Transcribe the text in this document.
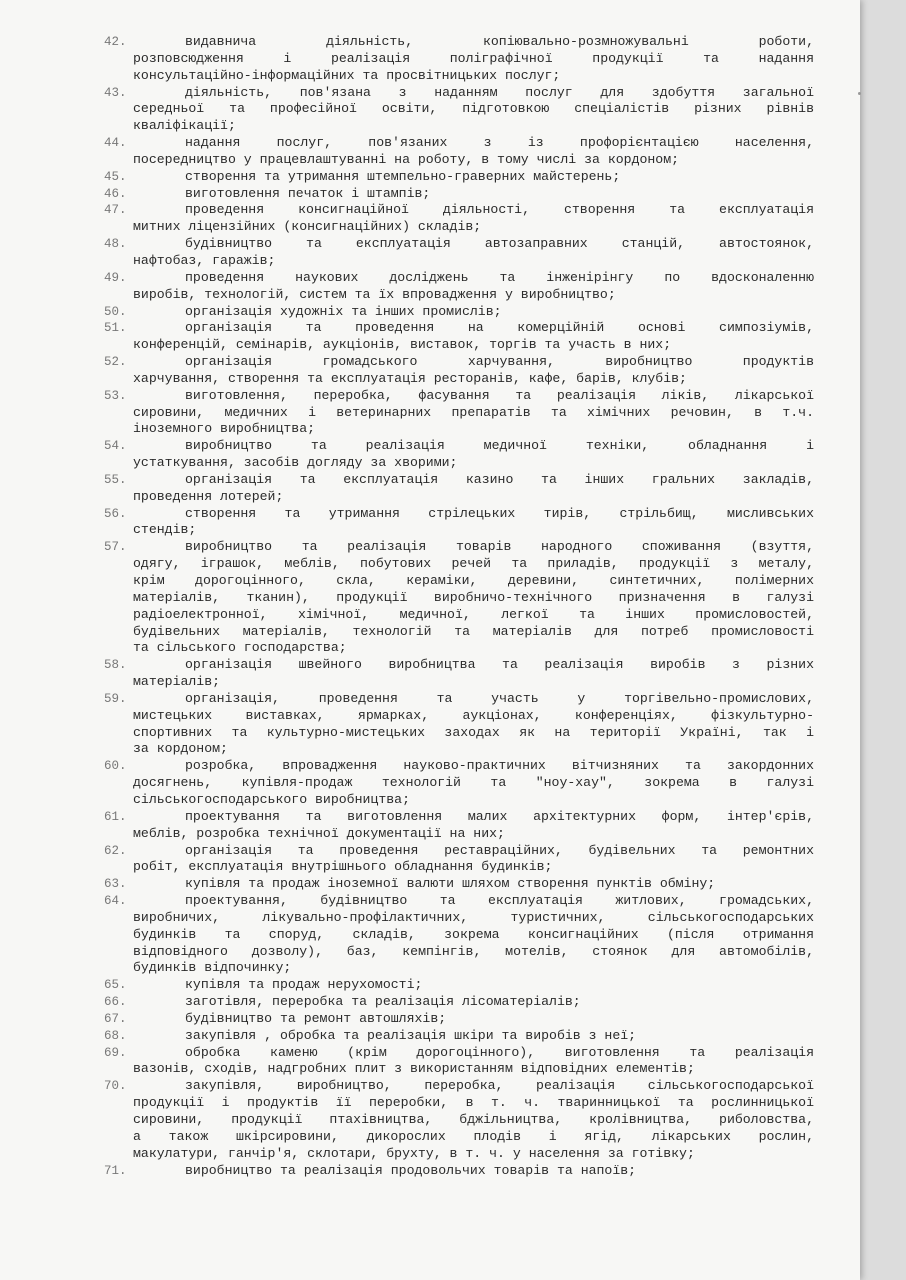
42.	видавнича діяльність, копіювально-розмножувальні роботи,
розповсюдження і реалізація поліграфічної продукції та надання
консультаційно-інформаційних та просвітницьких послуг;
43.	діяльність, пов'язана з наданням послуг для здобуття загальної
середньої та професійної освіти, підготовкою спеціалістів різних рівнів
кваліфікації;
44.	надання послуг, пов'язаних з із профорієнтацією населення,
посередництво у працевлаштуванні на роботу, в тому числі за кордоном;
45.	створення та утримання штемпельно-граверних майстерень;
46.	виготовлення печаток і штампів;
47.	проведення консигнаційної діяльності, створення та експлуатація
митних ліцензійних (консигнаційних) складів;
48.	будівництво та експлуатація автозаправних станцій, автостоянок,
нафтобаз, гаражів;
49.	проведення наукових досліджень та інженірінгу по вдосконаленню
виробів, технологій, систем та їх впровадження у виробництво;
50.	організація художніх та інших промислів;
51.	організація та проведення на комерційній основі симпозіумів,
конференцій, семінарів, аукціонів, виставок, торгів та участь в них;
52.	організація громадського харчування, виробництво продуктів
харчування, створення та експлуатація ресторанів, кафе, барів, клубів;
53.	виготовлення, переробка, фасування та реалізація ліків, лікарської
сировини, медичних і ветеринарних препаратів та хімічних речовин, в т.ч.
іноземного виробництва;
54.	виробництво та реалізація медичної техніки, обладнання і
устаткування, засобів догляду за хворими;
55.	організація та експлуатація казино та інших гральних закладів,
проведення лотерей;
56.	створення та утримання стрілецьких тирів, стрільбищ, мисливських
стендів;
57.	виробництво та реалізація товарів народного споживання (взуття,
одягу, іграшок, меблів, побутових речей та приладів, продукції з металу,
крім дорогоцінного, скла, кераміки, деревини, синтетичних, полімерних
матеріалів, тканин), продукції виробничо-технічного призначення в галузі
радіоелектронної, хімічної, медичної, легкої та інших промисловостей,
будівельних матеріалів, технологій та матеріалів для потреб промисловості
та сільського господарства;
58.	організація швейного виробництва та реалізація виробів з різних
матеріалів;
59.	організація, проведення та участь у торгівельно-промислових,
мистецьких виставках, ярмарках, аукціонах, конференціях, фізкультурно-
спортивних та культурно-мистецьких заходах як на території Україні, так і
за кордоном;
60.	розробка, впровадження науково-практичних вітчизняних та закордонних
досягнень, купівля-продаж технологій та "ноу-хау", зокрема в галузі
сільськогосподарського виробництва;
61.	проектування та виготовлення малих архітектурних форм, інтер'єрів,
меблів, розробка технічної документації на них;
62.	організація та проведення реставраційних, будівельних та ремонтних
робіт, експлуатація внутрішнього обладнання будинків;
63.	купівля та продаж іноземної валюти шляхом створення пунктів обміну;
64.	проектування, будівництво та експлуатація житлових, громадських,
виробничих, лікувально-профілактичних, туристичних, сільськогосподарських
будинків та споруд, складів, зокрема консигнаційних (після отримання
відповідного дозволу), баз, кемпінгів, мотелів, стоянок для автомобілів,
будинків відпочинку;
65.	купівля та продаж нерухомості;
66.	заготівля, переробка та реалізація лісоматеріалів;
67.	будівництво та ремонт автошляхів;
68.	закупівля , обробка та реалізація шкіри та виробів з неї;
69.	обробка каменю (крім дорогоцінного), виготовлення та реалізація
вазонів, сходів, надгробних плит з використанням відповідних елементів;
70.	закупівля, виробництво, переробка, реалізація сільськогосподарської
продукції і продуктів її переробки, в т. ч. тваринницької та рослинницької
сировини, продукції птахівництва, бджільництва, кролівництва, риболовства,
а також шкірсировини, дикорослих плодів і ягід, лікарських рослин,
макулатури, ганчір'я, склотари, брухту, в т. ч. у населення за готівку;
71.	виробництво та реалізація продовольчих товарів та напоїв;
